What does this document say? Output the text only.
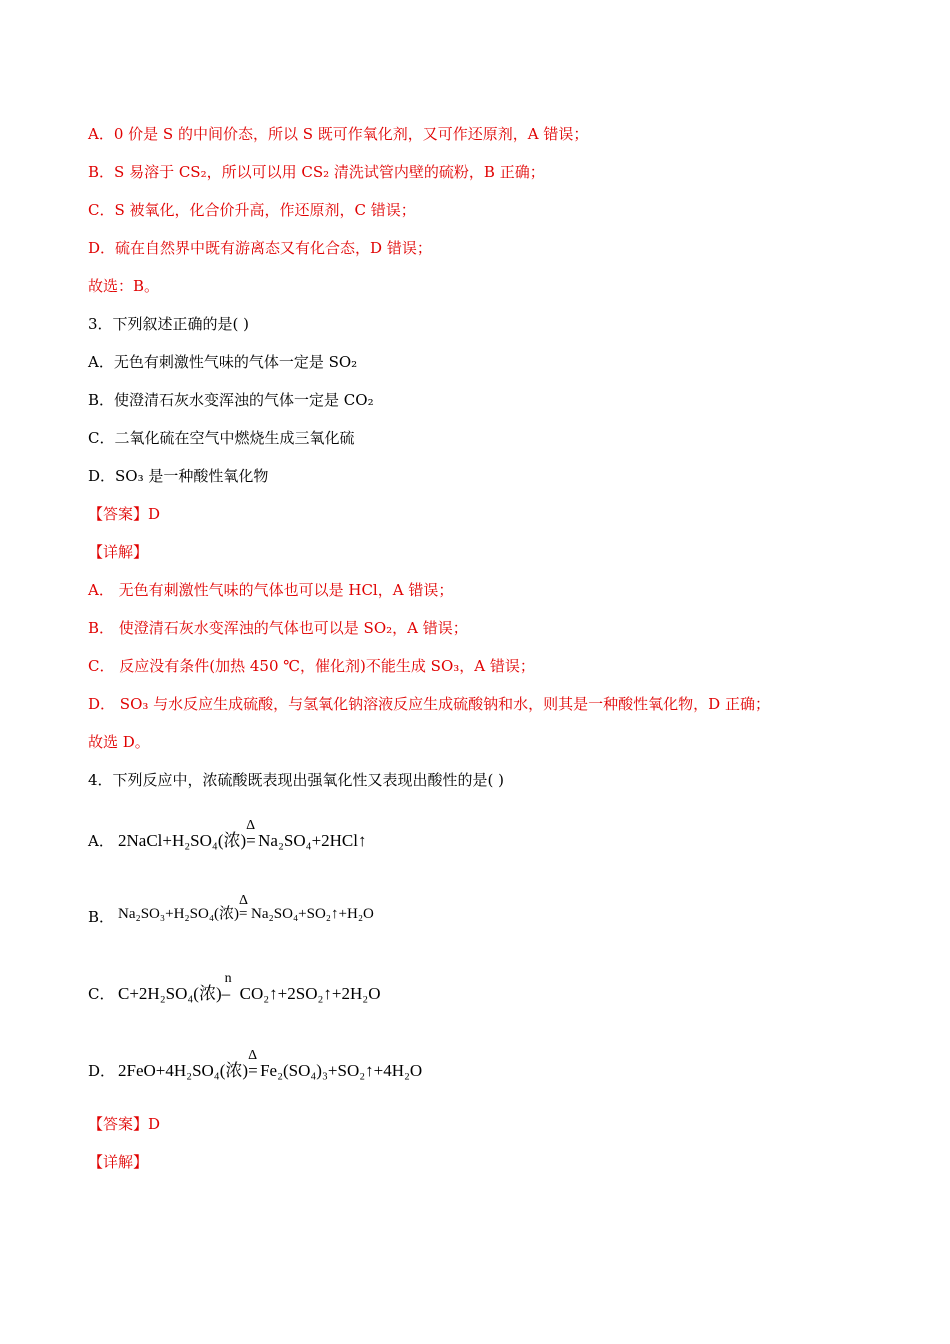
A．0 价是 S 的中间价态，所以 S 既可作氧化剂，又可作还原剂，A 错误；
B．S 易溶于 CS₂，所以可以用 CS₂ 清洗试管内壁的硫粉，B 正确；
C．S 被氧化，化合价升高，作还原剂，C 错误；
D．硫在自然界中既有游离态又有化合态，D 错误；
故选：B。
3．下列叙述正确的是( )
A．无色有刺激性气味的气体一定是 SO₂
B．使澄清石灰水变浑浊的气体一定是 CO₂
C．二氧化硫在空气中燃烧生成三氧化硫
D．SO₃ 是一种酸性氧化物
【答案】D
【详解】
A． 无色有刺激性气味的气体也可以是 HCl，A 错误；
B． 使澄清石灰水变浑浊的气体也可以是 SO₂，A 错误；
C． 反应没有条件(加热 450 ℃，催化剂)不能生成 SO₃，A 错误；
D． SO₃ 与水反应生成硫酸，与氢氧化钠溶液反应生成硫酸钠和水，则其是一种酸性氧化物，D 正确；
故选 D。
4．下列反应中，浓硫酸既表现出强氧化性又表现出酸性的是( )
A． 2NaCl+H₂SO₄(浓)
Δ
= Na₂SO₄+2HCl↑
B． Na₂SO₃+H₂SO₄(浓)
Δ
= Na₂SO₄+SO₂↑+H₂O
C． C+2H₂SO₄(浓)
n
– CO₂↑+2SO₂↑+2H₂O
D． 2FeO+4H₂SO₄(浓)
Δ
= Fe₂(SO₄)₃+SO₂↑+4H₂O
【答案】D
【详解】
